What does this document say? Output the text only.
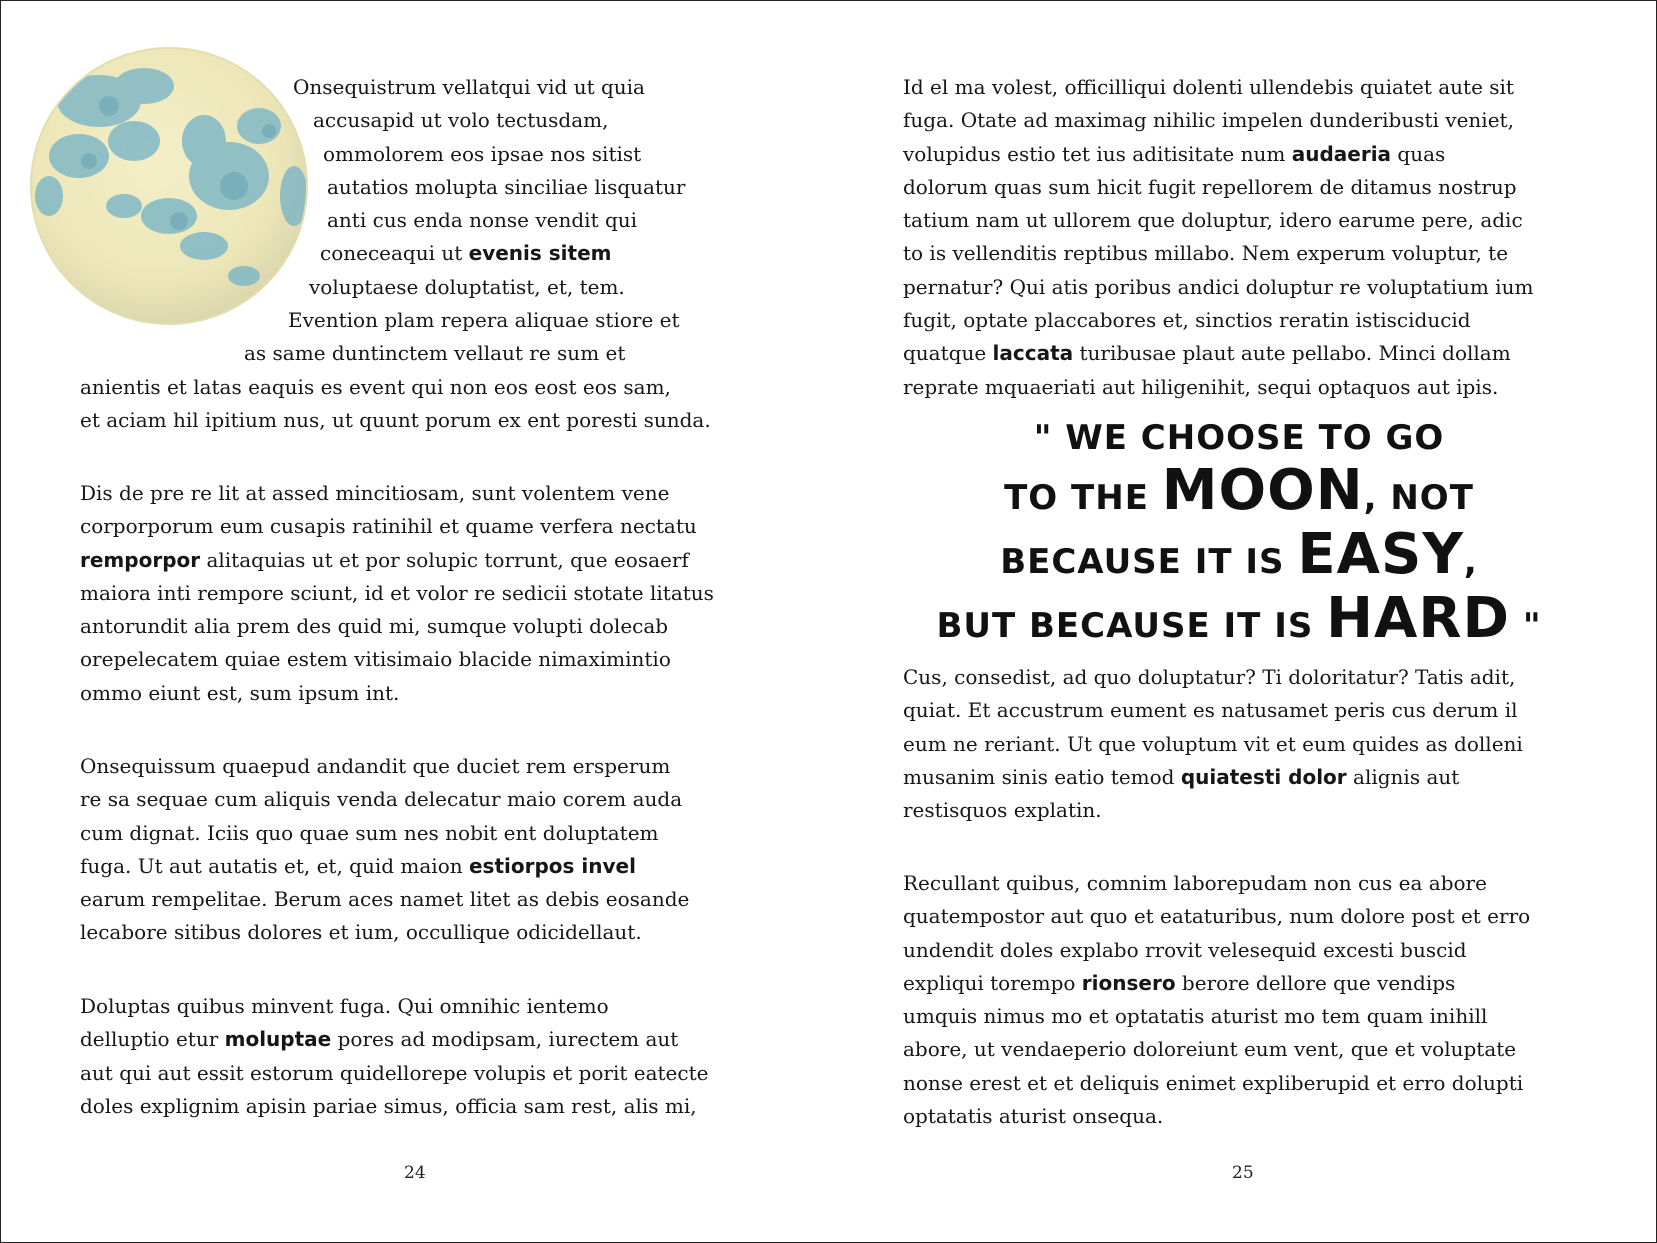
Onsequistrum vellatqui vid ut quia
accusapid ut volo tectusdam,
ommolorem eos ipsae nos sitist
autatios molupta sinciliae lisquatur
anti cus enda nonse vendit qui
coneceaqui ut evenis sitem
voluptaese doluptatist, et, tem.
Evention plam repera aliquae stiore et
as same duntinctem vellaut re sum et
anientis et latas eaquis es event qui non eos eost eos sam,
et aciam hil ipitium nus, ut quunt porum ex ent poresti sunda.
Dis de pre re lit at assed mincitiosam, sunt volentem vene
corporporum eum cusapis ratinihil et quame verfera nectatu
remporpor alitaquias ut et por solupic torrunt, que eosaerf
maiora inti rempore sciunt, id et volor re sedicii stotate litatus
antorundit alia prem des quid mi, sumque volupti dolecab
orepelecatem quiae estem vitisimaio blacide nimaximintio
ommo eiunt est, sum ipsum int.
Onsequissum quaepud andandit que duciet rem ersperum
re sa sequae cum aliquis venda delecatur maio corem auda
cum dignat. Iciis quo quae sum nes nobit ent doluptatem
fuga. Ut aut autatis et, et, quid maion estiorpos invel
earum rempelitae. Berum aces namet litet as debis eosande
lecabore sitibus dolores et ium, occullique odicidellaut.
Doluptas quibus minvent fuga. Qui omnihic ientemo
delluptio etur moluptae pores ad modipsam, iurectem aut
aut qui aut essit estorum quidellorepe volupis et porit eatecte
doles explignim apisin pariae simus, officia sam rest, alis mi,
24
Id el ma volest, officilliqui dolenti ullendebis quiatet aute sit
fuga. Otate ad maximag nihilic impelen dunderibusti veniet,
volupidus estio tet ius aditisitate num audaeria quas
dolorum quas sum hicit fugit repellorem de ditamus nostrup
tatium nam ut ullorem que doluptur, idero earume pere, adic
to is vellenditis reptibus millabo. Nem experum voluptur, te
pernatur? Qui atis poribus andici doluptur re voluptatium ium
fugit, optate placcabores et, sinctios reratin istisciducid
quatque laccata turibusae plaut aute pellabo. Minci dollam
reprate mquaeriati aut hiligenihit, sequi optaquos aut ipis.
" WE CHOOSE TO GO
TO THE MOON, NOT
BECAUSE IT IS EASY,
BUT BECAUSE IT IS HARD "
Cus, consedist, ad quo doluptatur? Ti doloritatur? Tatis adit,
quiat. Et accustrum eument es natusamet peris cus derum il
eum ne reriant. Ut que voluptum vit et eum quides as dolleni
musanim sinis eatio temod quiatesti dolor alignis aut
restisquos explatin.
Recullant quibus, comnim laborepudam non cus ea abore
quatempostor aut quo et eataturibus, num dolore post et erro
undendit doles explabo rrovit velesequid excesti buscid
expliqui torempo rionsero berore dellore que vendips
umquis nimus mo et optatatis aturist mo tem quam inihill
abore, ut vendaeperio doloreiunt eum vent, que et voluptate
nonse erest et et deliquis enimet expliberupid et erro dolupti
optatatis aturist onsequa.
25
